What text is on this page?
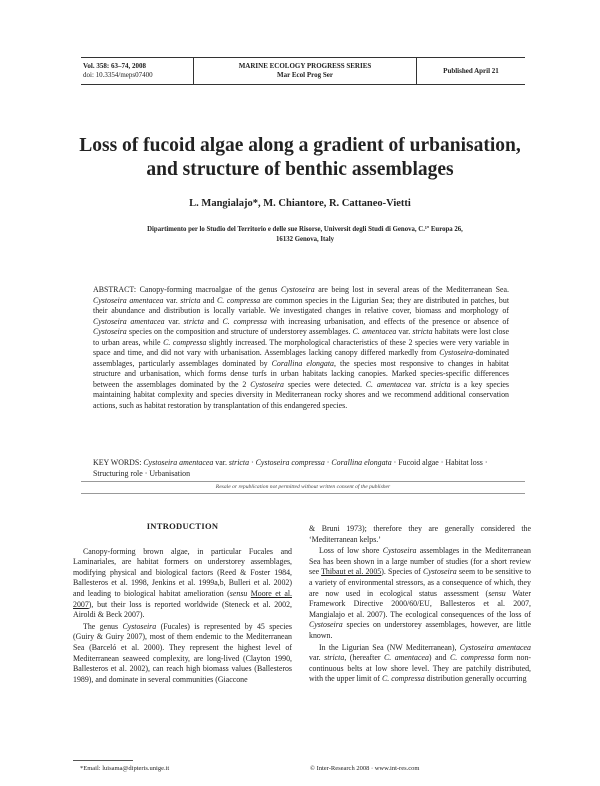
Vol. 358: 63–74, 2008
doi: 10.3354/meps07400
MARINE ECOLOGY PROGRESS SERIES
Mar Ecol Prog Ser	Published April 21
Loss of fucoid algae along a gradient of urbanisation,
and structure of benthic assemblages
L. Mangialajo*, M. Chiantore, R. Cattaneo-Vietti
Dipartimento per lo Studio del Territorio e delle sue Risorse, Universit degli Studi di Genova, C.¹º Europa 26,
16132 Genova, Italy

ABSTRACT: Canopy-forming macroalgae of the genus Cystoseira are being lost in several areas of the Mediterranean Sea. Cystoseira amentacea var. stricta and C. compressa are common species in the Ligurian Sea; they are distributed in patches, but their abundance and distribution is locally variable. We investigated changes in relative cover, biomass and morphology of Cystoseira amentacea var. stricta and C. compressa with increasing urbanisation, and effects of the presence or absence of Cystoseira species on the composition and structure of understorey assemblages. C. amentacea var. stricta habitats were lost close to urban areas, while C. compressa slightly increased. The morphological characteristics of these 2 species were very variable in space and time, and did not vary with urbanisation. Assemblages lacking canopy differed markedly from Cystoseira-dominated assemblages, particularly assemblages dominated by Corallina elongata, the species most responsive to changes in habitat structure and urbanisation, which forms dense turfs in urban habitats lacking canopies. Marked species-specific differences between the assemblages dominated by the 2 Cystoseira species were detected. C. amentacea var. stricta is a key species maintaining habitat complexity and species diversity in Mediterranean rocky shores and we recommend additional conservation actions, such as habitat restoration by transplantation of this endangered species.

KEY WORDS: Cystoseira amentacea var. stricta · Cystoseira compressa · Corallina elongata · Fucoid algae · Habitat loss · Structuring role · Urbanisation

Resale or republication not permitted without written consent of the publisher
INTRODUCTION

Canopy-forming brown algae, in particular Fucales and Laminariales, are habitat formers on understorey assemblages, modifying physical and biological factors (Reed & Foster 1984, Ballesteros et al. 1998, Jenkins et al. 1999a,b, Bulleri et al. 2002) and leading to biological habitat amelioration (sensu Moore et al. 2007), but their loss is reported worldwide (Steneck et al. 2002, Airoldi & Beck 2007).

The genus Cystoseira (Fucales) is represented by 45 species (Guiry & Guiry 2007), most of them endemic to the Mediterranean Sea (Barceló et al. 2000). They represent the highest level of Mediterranean seaweed complexity, are long-lived (Clayton 1990, Ballesteros et al. 2002), can reach high biomass values (Ballesteros 1989), and dominate in several communities (Giaccone

& Bruni 1973); therefore they are generally considered the ‘Mediterranean kelps.’

Loss of low shore Cystoseira assemblages in the Mediterranean Sea has been shown in a large number of studies (for a short review see Thibaut et al. 2005). Species of Cystoseira seem to be sensitive to a variety of environmental stressors, as a consequence of which, they are now used in ecological status assessment (sensu Water Framework Directive 2000/60/EU, Ballesteros et al. 2007, Mangialajo et al. 2007). The ecological consequences of the loss of Cystoseira species on understorey assemblages, however, are little known.

In the Ligurian Sea (NW Mediterranean), Cystoseira amentacea var. stricta, (hereafter C. amentacea) and C. compressa form non-continuous belts at low shore level. They are patchily distributed, with the upper limit of C. compressa distribution generally occurring

*Email: luisama@dipteris.unige.it	© Inter-Research 2008 · www.int-res.com
